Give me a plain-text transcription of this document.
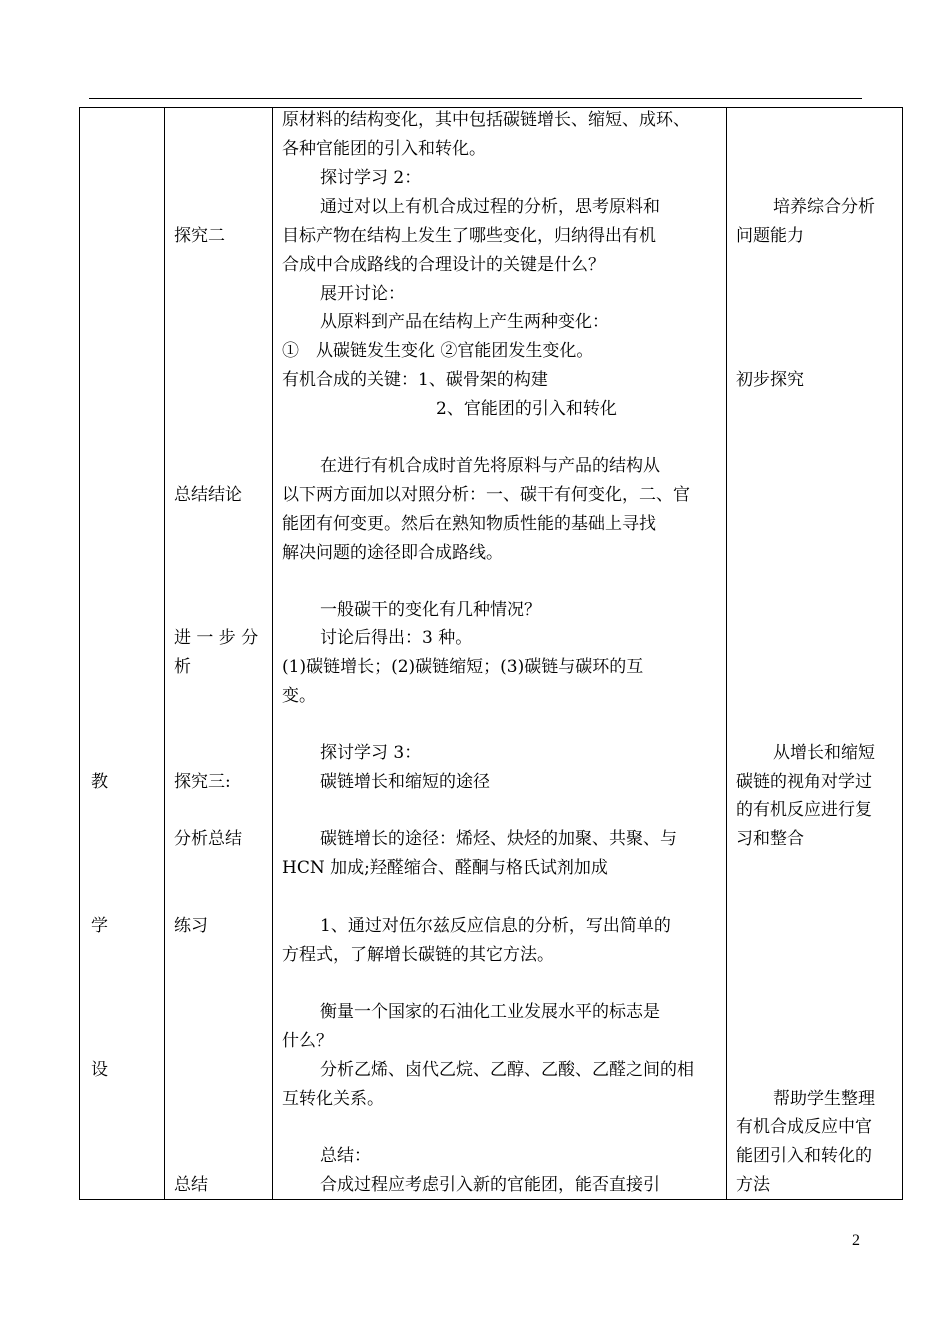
教
学
设
探究二
总结结论
进 一 步 分
析
探究三:
分析总结
练习
总结
原材料的结构变化，其中包括碳链增长、缩短、成环、
各种官能团的引入和转化。
探讨学习 2：
通过对以上有机合成过程的分析，思考原料和
目标产物在结构上发生了哪些变化，归纳得出有机
合成中合成路线的合理设计的关键是什么？
展开讨论：
从原料到产品在结构上产生两种变化：
①　从碳链发生变化 ②官能团发生变化。
有机合成的关键：1、碳骨架的构建
2、官能团的引入和转化
在进行有机合成时首先将原料与产品的结构从
以下两方面加以对照分析：一、碳干有何变化，二、官
能团有何变更。然后在熟知物质性能的基础上寻找
解决问题的途径即合成路线。
一般碳干的变化有几种情况？
讨论后得出：3 种。
(1)碳链增长；(2)碳链缩短；(3)碳链与碳环的互
变。
探讨学习 3：
碳链增长和缩短的途径
碳链增长的途径：烯烃、炔烃的加聚、共聚、与
HCN 加成;羟醛缩合、醛酮与格氏试剂加成
1、通过对伍尔兹反应信息的分析，写出简单的
方程式，了解增长碳链的其它方法。
衡量一个国家的石油化工业发展水平的标志是
什么？
分析乙烯、卤代乙烷、乙醇、乙酸、乙醛之间的相
互转化关系。
总结：
合成过程应考虑引入新的官能团，能否直接引
培养综合分析
问题能力
初步探究
从增长和缩短
碳链的视角对学过
的有机反应进行复
习和整合
帮助学生整理
有机合成反应中官
能团引入和转化的
方法
2
